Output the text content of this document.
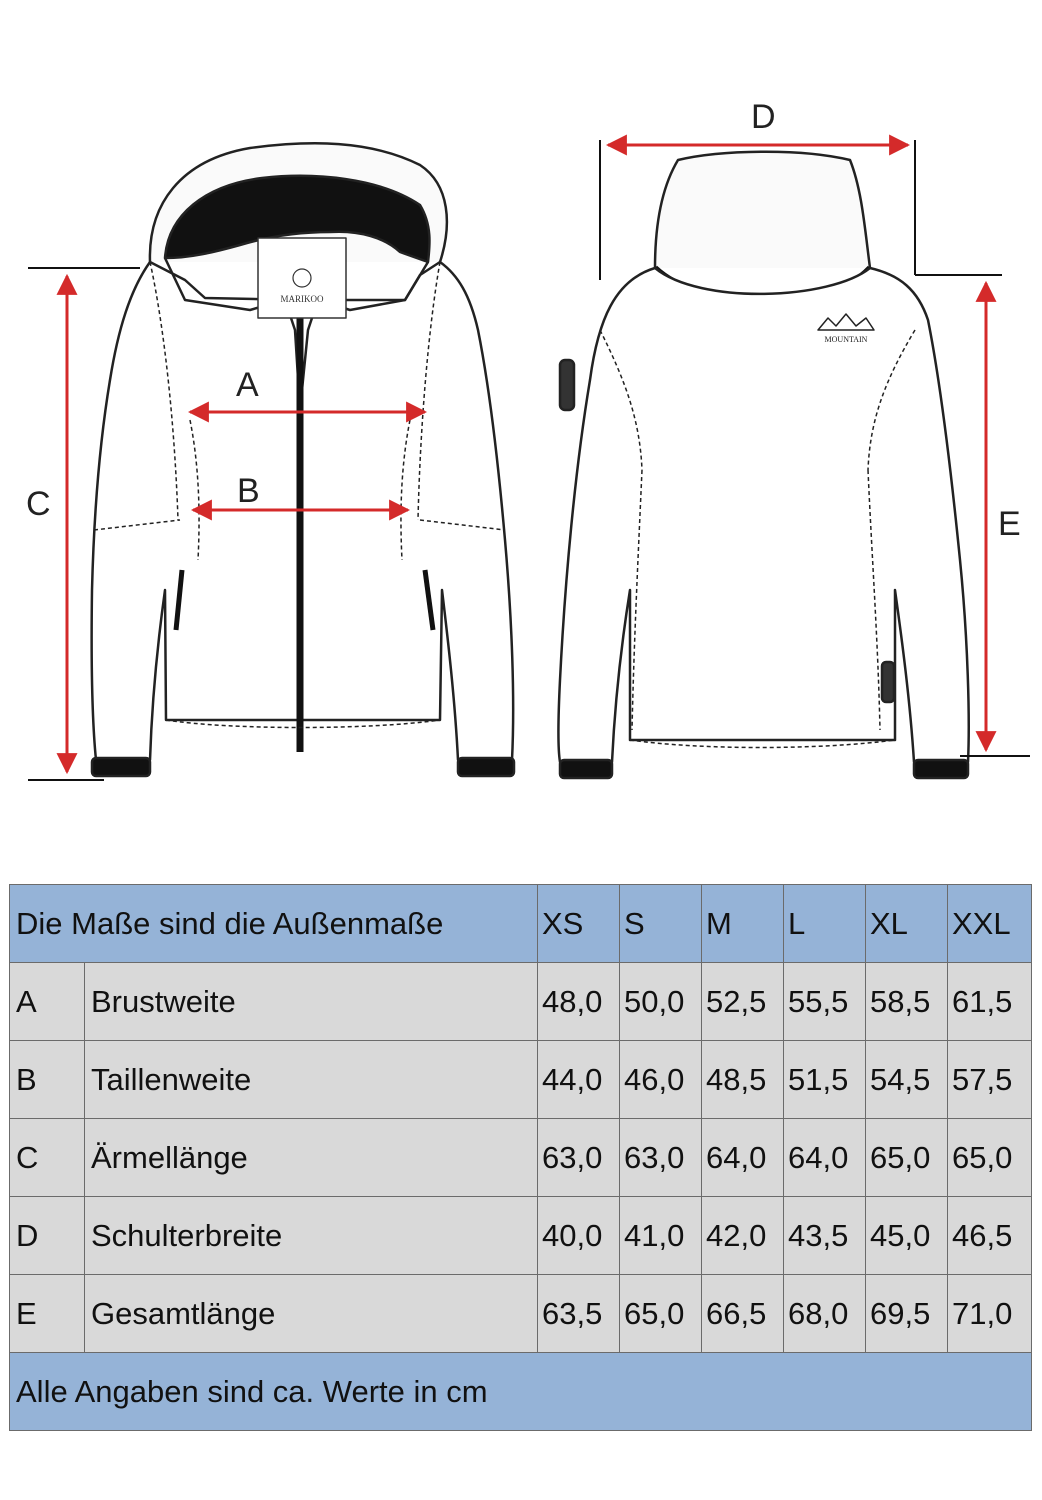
MARIKOO
MOUNTAIN
A
B
C
D
E
Die Maße sind die Außenmaße		XS	S	M	L	XL	XXL
A	Brustweite	48,0	50,0	52,5	55,5	58,5	61,5
B	Taillenweite	44,0	46,0	48,5	51,5	54,5	57,5
C	Ärmellänge	63,0	63,0	64,0	64,0	65,0	65,0
D	Schulterbreite	40,0	41,0	42,0	43,5	45,0	46,5
E	Gesamtlänge	63,5	65,0	66,5	68,0	69,5	71,0
Alle Angaben sind ca. Werte in cm							
